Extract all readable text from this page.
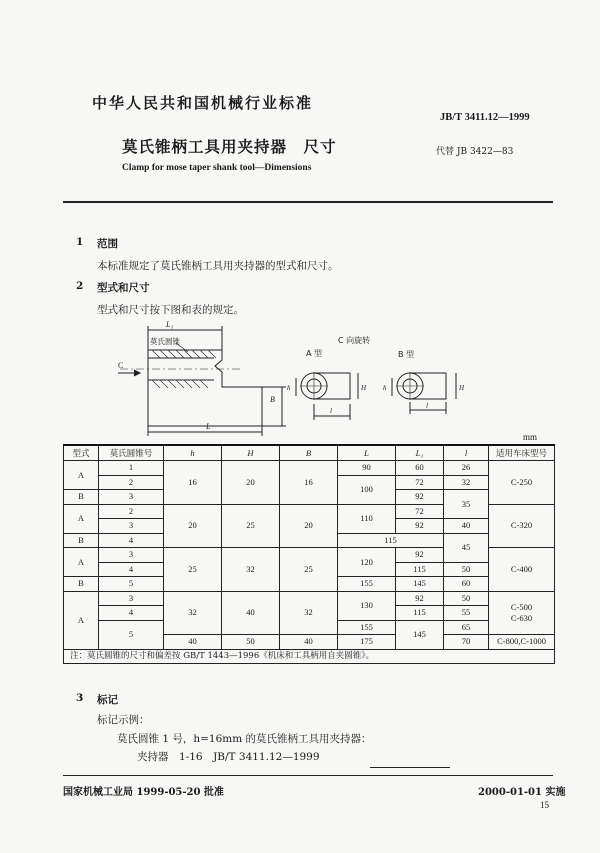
中华人民共和国机械行业标准
JB/T 3411.12—1999
莫氏锥柄工具用夹持器　尺寸	代替 JB 3422—83
Clamp for mose taper shank tool—Dimensions
1 范围
本标准规定了莫氏锥柄工具用夹持器的型式和尺寸。
2 型式和尺寸
型式和尺寸按下图和表的规定。
L₁
莫氏圆锥
C
B
L
C 向旋转
A 型
h	H
l
B 型
h	H
l
mm
型式	莫氏圆锥号	h	H	B	L	L₁	l	适用车床型号
A	1	16	20	16	90	60	26	C-250
	2				100	72	32	
B	3					92	35	
A	2	20	25	20	110	72		C-320
	3					92	40	
B	4				115		45	
A	3	25	32	25	120	92		C-400
	4					115	50	
B	5				155	145	60	
A	3	32	40	32	130	92	50	C-500
C-630
	4					115	55	
	5				155	145	65	
		40	50	40	175		70	C-800,C-1000
注：莫氏圆锥的尺寸和偏差按 GB/T 1443—1996《机床和工具柄用自夹圆锥》。								
3 标记
标记示例：
莫氏圆锥 1 号，h=16mm 的莫氏锥柄工具用夹持器：
夹持器　1-16　JB/T 3411.12—1999
国家机械工业局 1999-05-20 批准	2000-01-01 实施
15
